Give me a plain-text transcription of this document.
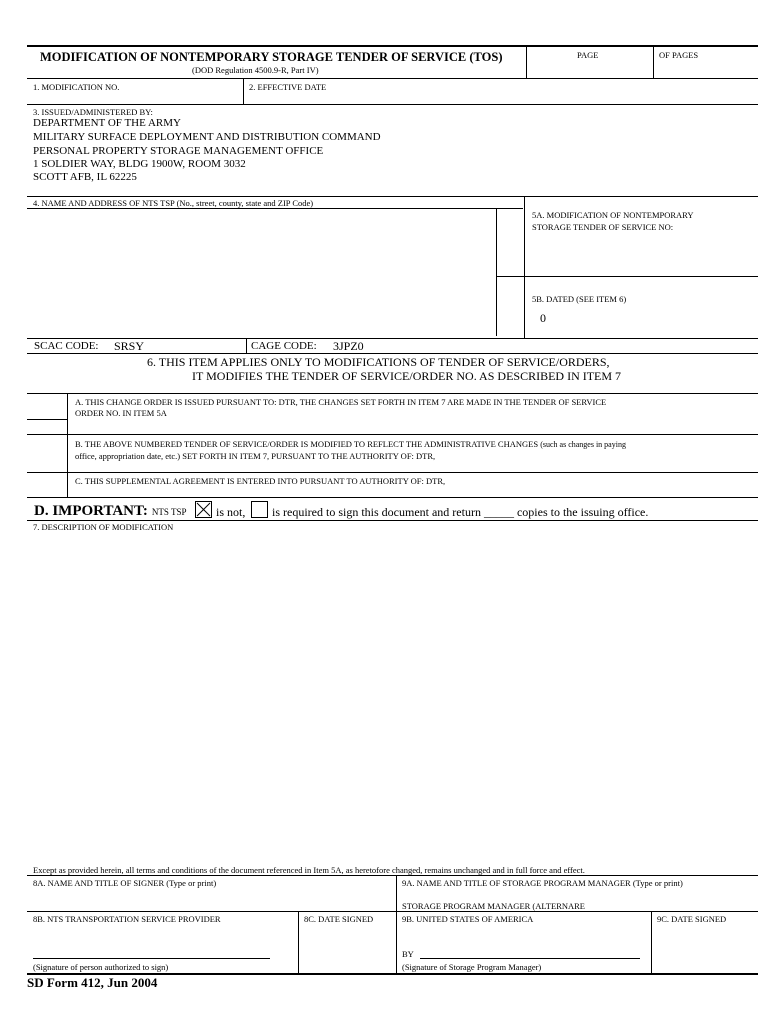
MODIFICATION OF NONTEMPORARY STORAGE TENDER OF SERVICE (TOS)
(DOD Regulation 4500.9-R, Part IV)
PAGE	OF PAGES
1. MODIFICATION NO.	2. EFFECTIVE DATE
3. ISSUED/ADMINISTERED BY:
DEPARTMENT OF THE ARMY
MILITARY SURFACE DEPLOYMENT AND DISTRIBUTION COMMAND
PERSONAL PROPERTY STORAGE MANAGEMENT OFFICE
1 SOLDIER WAY, BLDG 1900W, ROOM 3032
SCOTT AFB, IL 62225
4. NAME AND ADDRESS OF NTS TSP (No., street, county, state and ZIP Code)
5A. MODIFICATION OF NONTEMPORARY
STORAGE TENDER OF SERVICE NO:
5B. DATED (SEE ITEM 6)
0
SCAC CODE: SRSY	CAGE CODE: 3JPZ0
6. THIS ITEM APPLIES ONLY TO MODIFICATIONS OF TENDER OF SERVICE/ORDERS,
IT MODIFIES THE TENDER OF SERVICE/ORDER NO. AS DESCRIBED IN ITEM 7
A. THIS CHANGE ORDER IS ISSUED PURSUANT TO: DTR, THE CHANGES SET FORTH IN ITEM 7 ARE MADE IN THE TENDER OF SERVICE
ORDER NO. IN ITEM 5A
B. THE ABOVE NUMBERED TENDER OF SERVICE/ORDER IS MODIFIED TO REFLECT THE ADMINISTRATIVE CHANGES (such as changes in paying
office, appropriation date, etc.) SET FORTH IN ITEM 7, PURSUANT TO THE AUTHORITY OF: DTR,
C. THIS SUPPLEMENTAL AGREEMENT IS ENTERED INTO PURSUANT TO AUTHORITY OF: DTR,
D. IMPORTANT: NTS TSP is not, is required to sign this document and return _____ copies to the issuing office.
7. DESCRIPTION OF MODIFICATION
Except as provided herein, all terms and conditions of the document referenced in Item 5A, as heretofore changed, remains unchanged and in full force and effect.
8A. NAME AND TITLE OF SIGNER (Type or print)	9A. NAME AND TITLE OF STORAGE PROGRAM MANAGER (Type or print)
STORAGE PROGRAM MANAGER (ALTERNARE
8B. NTS TRANSPORTATION SERVICE PROVIDER	8C. DATE SIGNED	9B. UNITED STATES OF AMERICA	9C. DATE SIGNED
(Signature of person authorized to sign)
BY
(Signature of Storage Program Manager)
SD Form 412, Jun 2004
